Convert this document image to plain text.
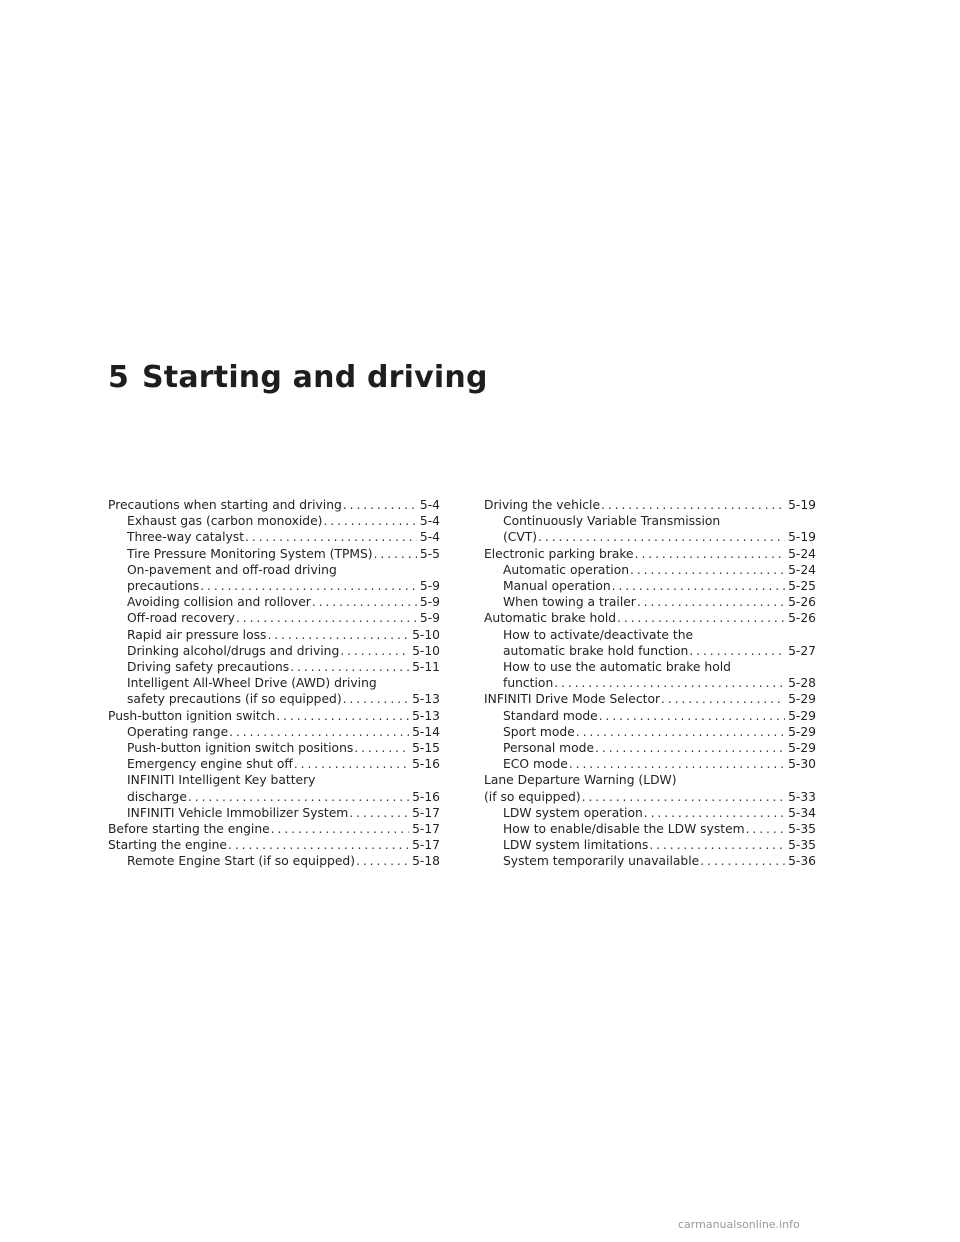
5 Starting and driving
Precautions when starting and driving . . .	5-4
Exhaust gas (carbon monoxide) . . .	5-4
Three-way catalyst . . .	5-4
Tire Pressure Monitoring System (TPMS) . . .	5-5
On-pavement and off-road driving
precautions . . .	5-9
Avoiding collision and rollover . . .	5-9
Off-road recovery . . .	5-9
Rapid air pressure loss . . .	5-10
Drinking alcohol/drugs and driving . . .	5-10
Driving safety precautions . . .	5-11
Intelligent All-Wheel Drive (AWD) driving
safety precautions (if so equipped) . . .	5-13
Push-button ignition switch . . .	5-13
Operating range . . .	5-14
Push-button ignition switch positions . . .	5-15
Emergency engine shut off . . .	5-16
INFINITI Intelligent Key battery
discharge . . .	5-16
INFINITI Vehicle Immobilizer System . . .	5-17
Before starting the engine . . .	5-17
Starting the engine . . .	5-17
Remote Engine Start (if so equipped) . . .	5-18
Driving the vehicle . . .	5-19
Continuously Variable Transmission
(CVT) . . .	5-19
Electronic parking brake . . .	5-24
Automatic operation . . .	5-24
Manual operation . . .	5-25
When towing a trailer . . .	5-26
Automatic brake hold . . .	5-26
How to activate/deactivate the
automatic brake hold function . . .	5-27
How to use the automatic brake hold
function . . .	5-28
INFINITI Drive Mode Selector . . .	5-29
Standard mode . . .	5-29
Sport mode . . .	5-29
Personal mode . . .	5-29
ECO mode . . .	5-30
Lane Departure Warning (LDW)
(if so equipped) . . .	5-33
LDW system operation . . .	5-34
How to enable/disable the LDW system . . .	5-35
LDW system limitations . . .	5-35
System temporarily unavailable . . .	5-36
carmanualsonline.info
